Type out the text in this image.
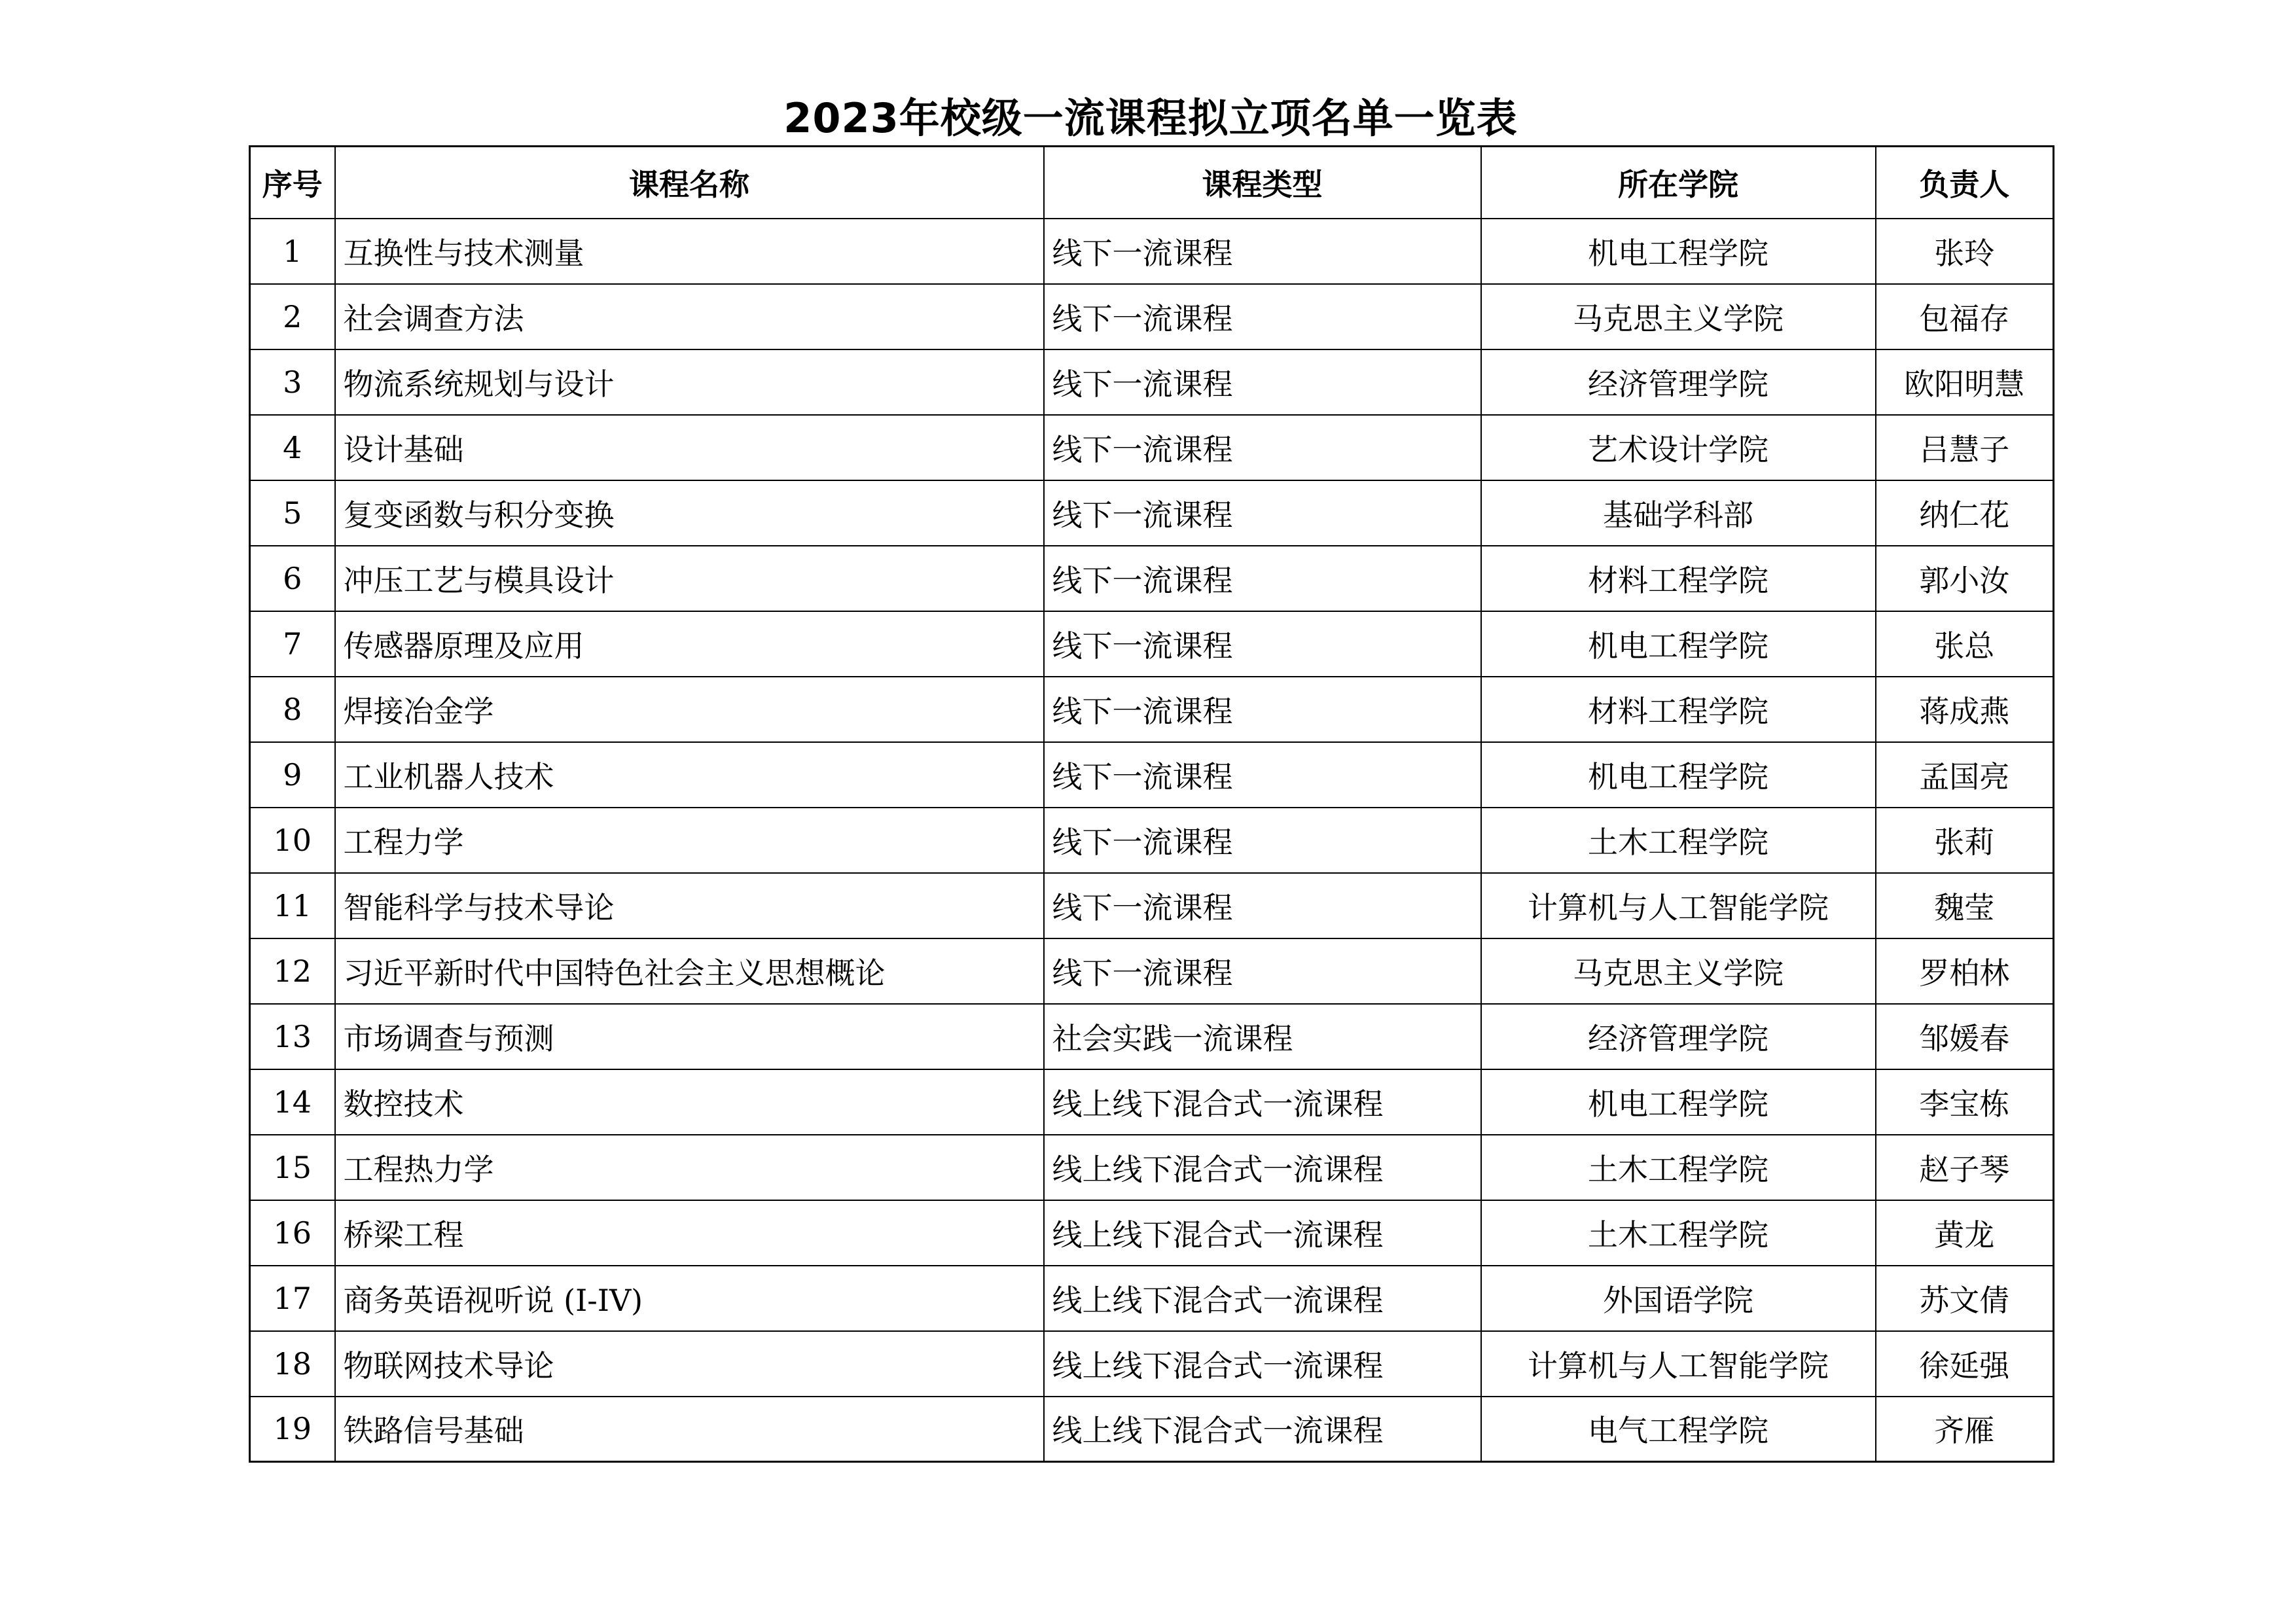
2023年校级一流课程拟立项名单一览表
序号	课程名称	课程类型	所在学院	负责人
1	互换性与技术测量	线下一流课程	机电工程学院	张玲
2	社会调查方法	线下一流课程	马克思主义学院	包福存
3	物流系统规划与设计	线下一流课程	经济管理学院	欧阳明慧
4	设计基础	线下一流课程	艺术设计学院	吕慧子
5	复变函数与积分变换	线下一流课程	基础学科部	纳仁花
6	冲压工艺与模具设计	线下一流课程	材料工程学院	郭小汝
7	传感器原理及应用	线下一流课程	机电工程学院	张总
8	焊接冶金学	线下一流课程	材料工程学院	蒋成燕
9	工业机器人技术	线下一流课程	机电工程学院	孟国亮
10	工程力学	线下一流课程	土木工程学院	张莉
11	智能科学与技术导论	线下一流课程	计算机与人工智能学院	魏莹
12	习近平新时代中国特色社会主义思想概论	线下一流课程	马克思主义学院	罗柏林
13	市场调查与预测	社会实践一流课程	经济管理学院	邹媛春
14	数控技术	线上线下混合式一流课程	机电工程学院	李宝栋
15	工程热力学	线上线下混合式一流课程	土木工程学院	赵子琴
16	桥梁工程	线上线下混合式一流课程	土木工程学院	黄龙
17	商务英语视听说 (I-IV)	线上线下混合式一流课程	外国语学院	苏文倩
18	物联网技术导论	线上线下混合式一流课程	计算机与人工智能学院	徐延强
19	铁路信号基础	线上线下混合式一流课程	电气工程学院	齐雁
